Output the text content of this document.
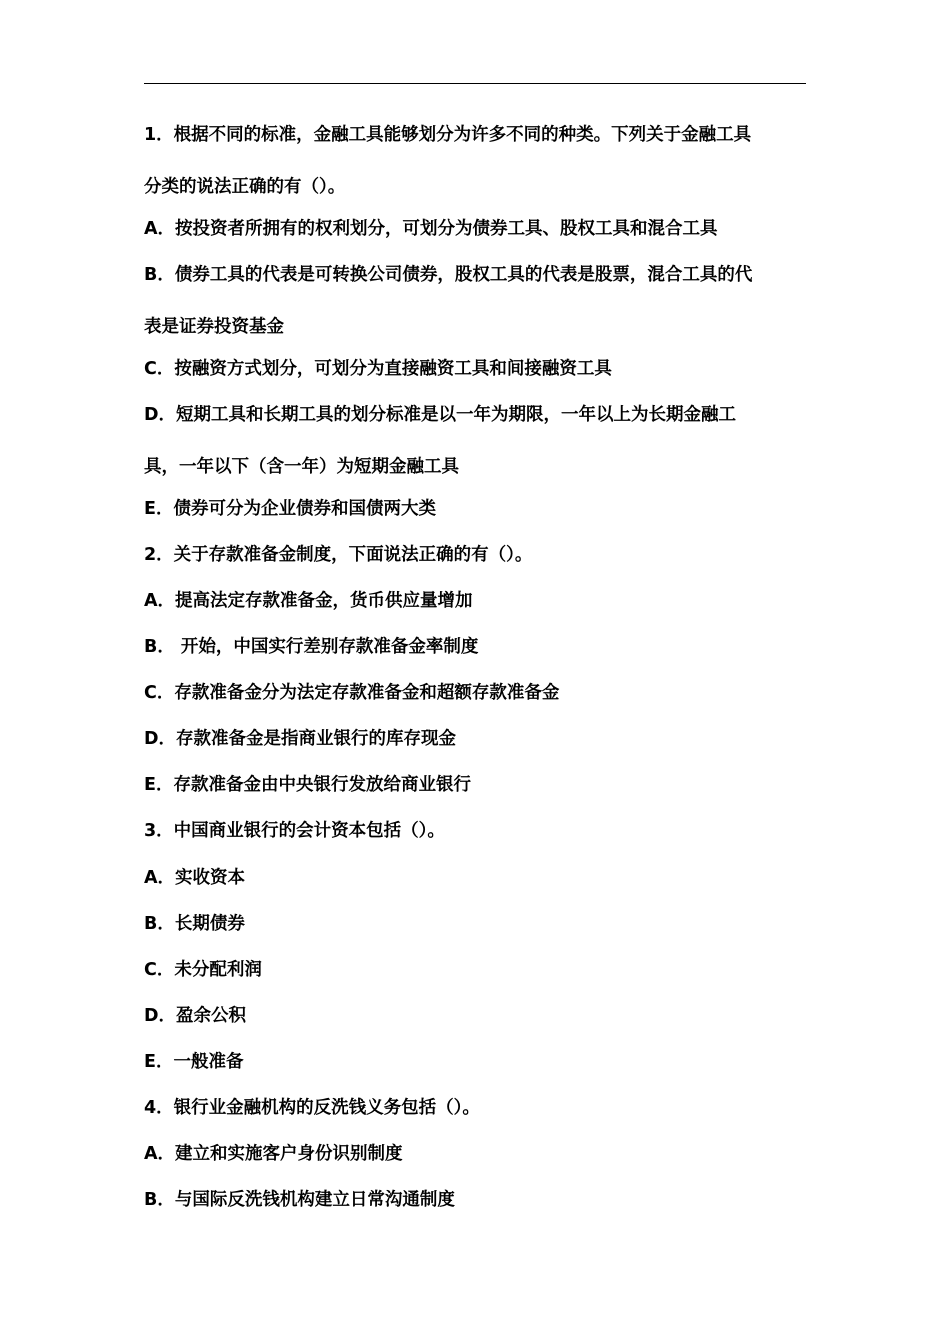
1．根据不同的标准，金融工具能够划分为许多不同的种类。下列关于金融工具
分类的说法正确的有（）。
A．按投资者所拥有的权利划分，可划分为债券工具、股权工具和混合工具
B．债券工具的代表是可转换公司债券，股权工具的代表是股票，混合工具的代
表是证券投资基金
C．按融资方式划分，可划分为直接融资工具和间接融资工具
D．短期工具和长期工具的划分标准是以一年为期限，一年以上为长期金融工
具，一年以下（含一年）为短期金融工具
E．债券可分为企业债券和国债两大类
2．关于存款准备金制度，下面说法正确的有（）。
A．提高法定存款准备金，货币供应量增加
B． 开始，中国实行差别存款准备金率制度
C．存款准备金分为法定存款准备金和超额存款准备金
D．存款准备金是指商业银行的库存现金
E．存款准备金由中央银行发放给商业银行
3．中国商业银行的会计资本包括（）。
A．实收资本
B．长期债券
C．未分配利润
D．盈余公积
E．一般准备
4．银行业金融机构的反洗钱义务包括（）。
A．建立和实施客户身份识别制度
B．与国际反洗钱机构建立日常沟通制度
